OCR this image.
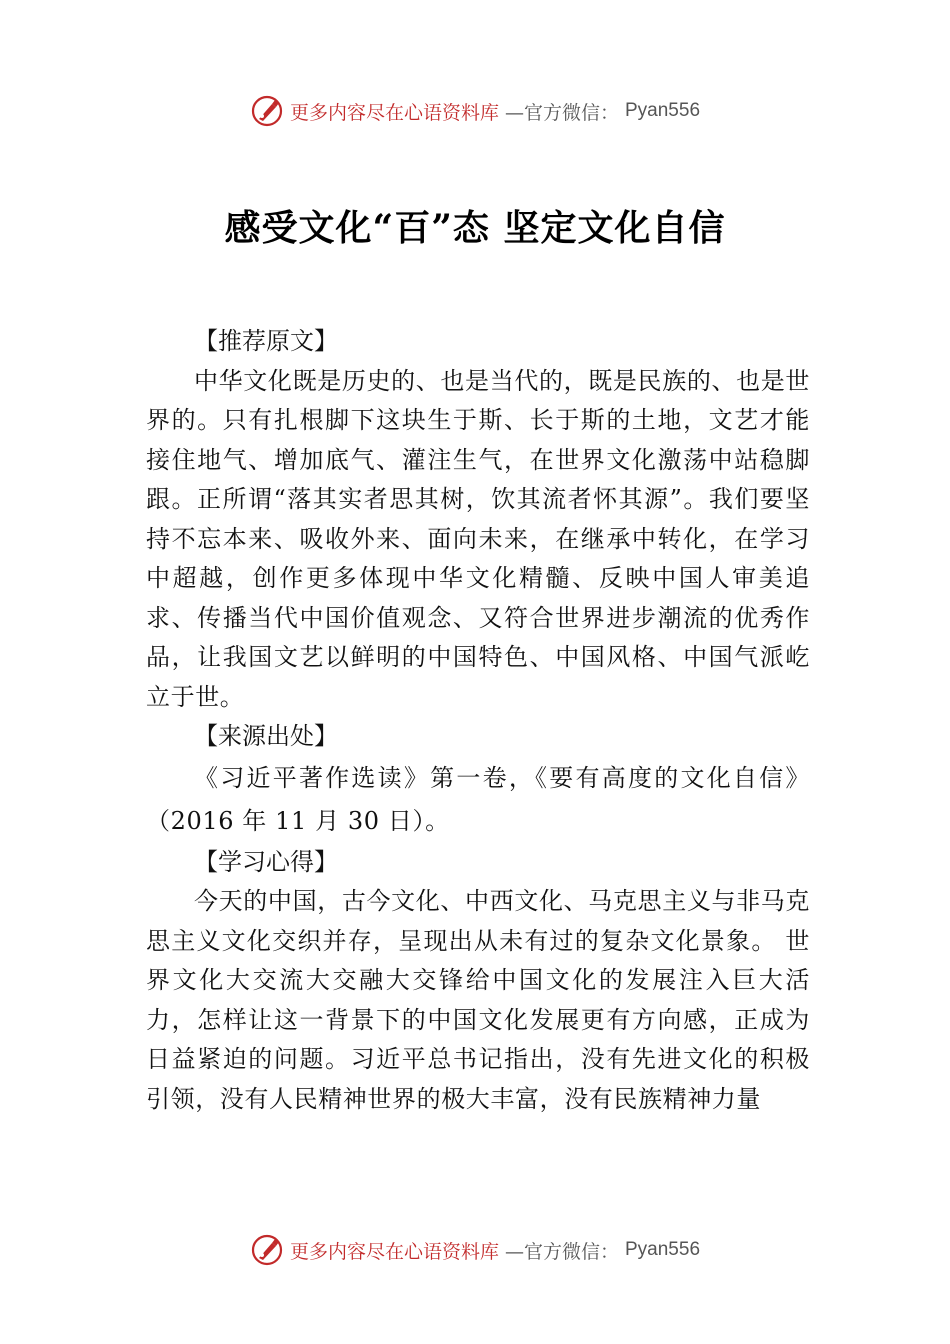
更多内容尽在心语资料库 —官方微信： Pyan556
感受文化“百”态 坚定文化自信

【推荐原文】

中华文化既是历史的、也是当代的，既是民族的、也是世界的。只有扎根脚下这块生于斯、长于斯的土地，文艺才能接住地气、增加底气、灌注生气，在世界文化激荡中站稳脚跟。正所谓“落其实者思其树，饮其流者怀其源”。我们要坚持不忘本来、吸收外来、面向未来，在继承中转化，在学习中超越，创作更多体现中华文化精髓、反映中国人审美追求、传播当代中国价值观念、又符合世界进步潮流的优秀作品，让我国文艺以鲜明的中国特色、中国风格、中国气派屹立于世。

【来源出处】

《习近平著作选读》第一卷，《要有高度的文化自信》（2016 年 11 月 30 日）。

【学习心得】

今天的中国，古今文化、中西文化、马克思主义与非马克思主义文化交织并存，呈现出从未有过的复杂文化景象。 世界文化大交流大交融大交锋给中国文化的发展注入巨大活力，怎样让这一背景下的中国文化发展更有方向感，正成为日益紧迫的问题。习近平总书记指出，没有先进文化的积极引领，没有人民精神世界的极大丰富，没有民族精神力量

更多内容尽在心语资料库 —官方微信： Pyan556
